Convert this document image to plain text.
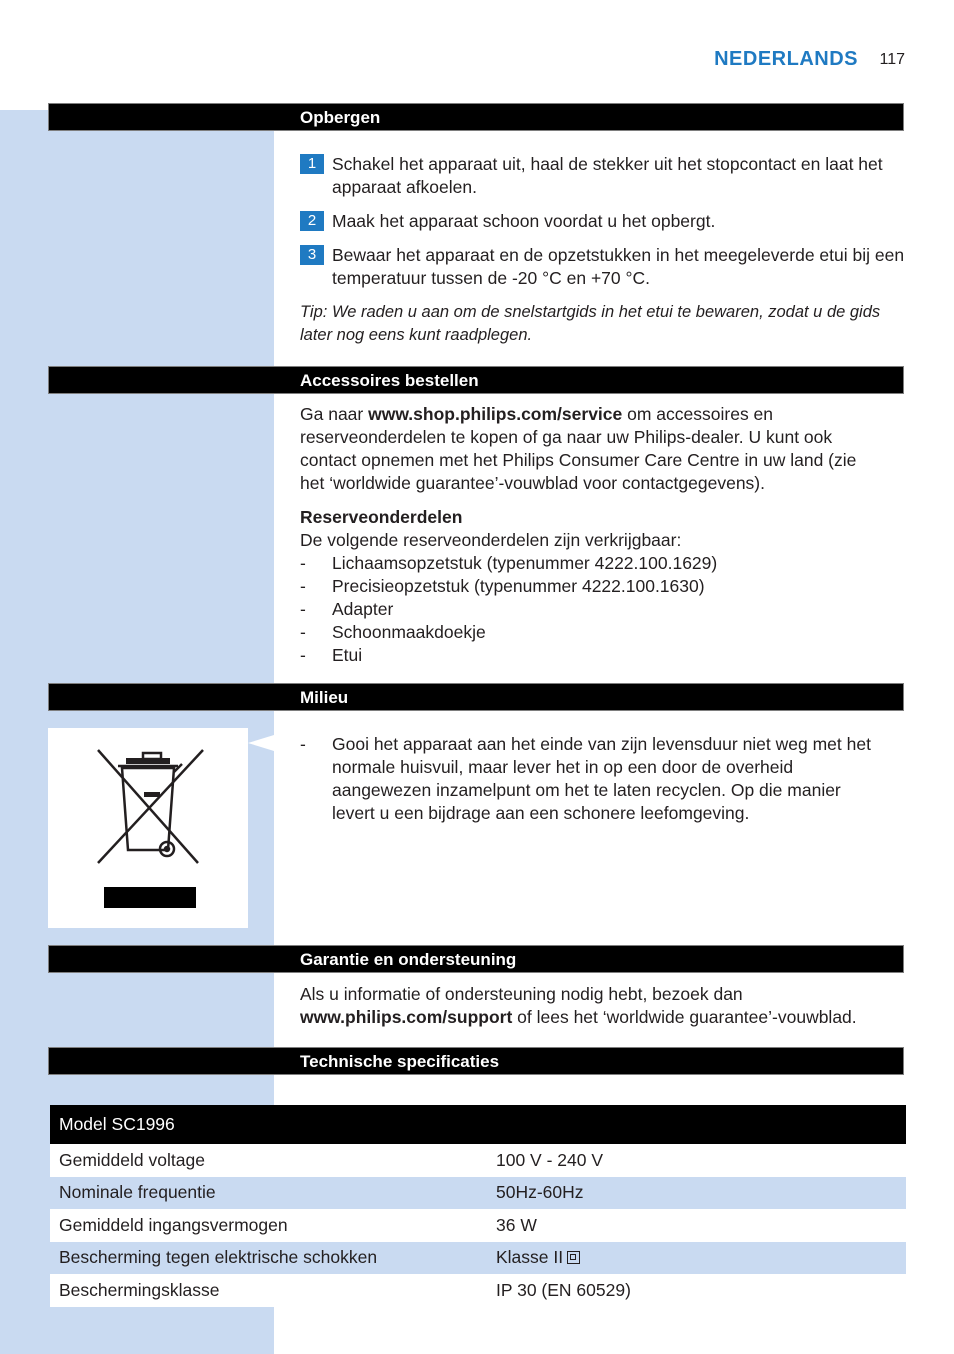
NEDERLANDS 117
Opbergen
1 Schakel het apparaat uit, haal de stekker uit het stopcontact en laat het apparaat afkoelen.
2 Maak het apparaat schoon voordat u het opbergt.
3 Bewaar het apparaat en de opzetstukken in het meegeleverde etui bij een temperatuur tussen de -20 °C en +70 °C.
Tip: We raden u aan om de snelstartgids in het etui te bewaren, zodat u de gids later nog eens kunt raadplegen.
Accessoires bestellen
Ga naar www.shop.philips.com/service om accessoires en reserveonderdelen te kopen of ga naar uw Philips-dealer. U kunt ook contact opnemen met het Philips Consumer Care Centre in uw land (zie het ‘worldwide guarantee’-vouwblad voor contactgegevens).
Reserveonderdelen
De volgende reserveonderdelen zijn verkrijgbaar:
- Lichaamsopzetstuk (typenummer 4222.100.1629)
- Precisieopzetstuk (typenummer 4222.100.1630)
- Adapter
- Schoonmaakdoekje
- Etui
Milieu
- Gooi het apparaat aan het einde van zijn levensduur niet weg met het normale huisvuil, maar lever het in op een door de overheid aangewezen inzamelpunt om het te laten recyclen. Op die manier levert u een bijdrage aan een schonere leefomgeving.
Garantie en ondersteuning
Als u informatie of ondersteuning nodig hebt, bezoek dan www.philips.com/support of lees het ‘worldwide guarantee’-vouwblad.
Technische specificaties
Model SC1996	
Gemiddeld voltage	100 V - 240 V
Nominale frequentie	50Hz-60Hz
Gemiddeld ingangsvermogen	36 W
Bescherming tegen elektrische schokken	Klasse II
Beschermingsklasse	IP 30 (EN 60529)
